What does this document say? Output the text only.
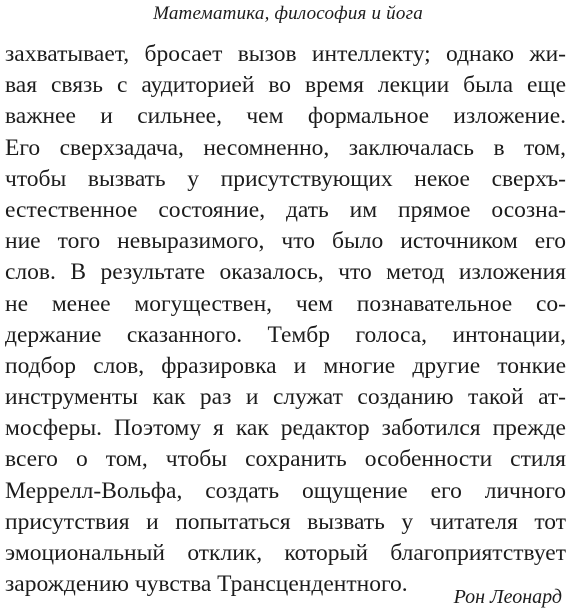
Математика, философия и йога
захватывает, бросает вызов интеллекту; однако жи-
вая связь с аудиторией во время лекции была еще
важнее и сильнее, чем формальное изложение.
Его сверхзадача, несомненно, заключалась в том,
чтобы вызвать у присутствующих некое сверхъ-
естественное состояние, дать им прямое осозна-
ние того невыразимого, что было источником его
слов. В результате оказалось, что метод изложения
не менее могуществен, чем познавательное со-
держание сказанного. Тембр голоса, интонации,
подбор слов, фразировка и многие другие тонкие
инструменты как раз и служат созданию такой ат-
мосферы. Поэтому я как редактор заботился прежде
всего о том, чтобы сохранить особенности стиля
Меррелл-Вольфа, создать ощущение его личного
присутствия и попытаться вызвать у читателя тот
эмоциональный отклик, который благоприятствует
зарождению чувства Трансцендентного.	Рон Леонард
